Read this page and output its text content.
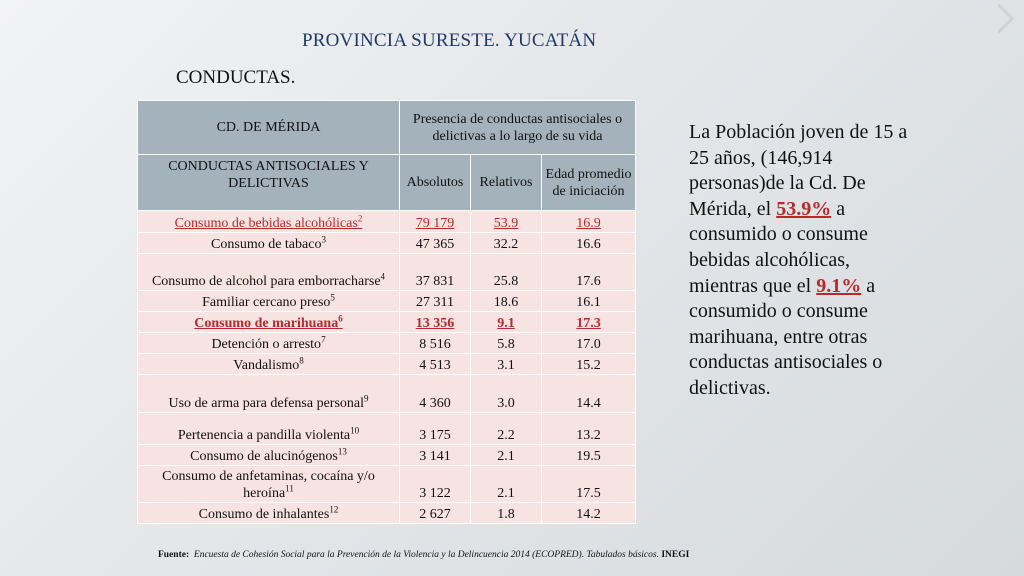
PROVINCIA SURESTE. YUCATÁN
CONDUCTAS.
CD. DE MÉRIDA	Presencia de conductas antisociales o delictivas a lo largo de su vida		
CONDUCTAS ANTISOCIALES Y DELICTIVAS	Absolutos	Relativos	Edad promedio de iniciación
Consumo de bebidas alcohólicas$^2$	79 179	53.9	16.9
Consumo de tabaco$^3$	47 365	32.2	16.6
Consumo de alcohol para emborracharse$^4$	37 831	25.8	17.6
Familiar cercano preso$^5$	27 311	18.6	16.1
Consumo de marihuana$^6$	13 356	9.1	17.3
Detención o arresto$^7$	8 516	5.8	17.0
Vandalismo$^8$	4 513	3.1	15.2
Uso de arma para defensa personal$^9$	4 360	3.0	14.4
Pertenencia a pandilla violenta$^{10}$	3 175	2.2	13.2
Consumo de alucinógenos$^{13}$	3 141	2.1	19.5
Consumo de anfetaminas, cocaína y/o heroína$^{11}$	3 122	2.1	17.5
Consumo de inhalantes$^{12}$	2 627	1.8	14.2

La Población joven de 15 a 25 años, (146,914 personas)de la Cd. De Mérida, el 53.9% a consumido o consume bebidas alcohólicas, mientras que el 9.1% a consumido o consume marihuana, entre otras conductas antisociales o delictivas.

Fuente: Encuesta de Cohesión Social para la Prevención de la Violencia y la Delincuencia 2014 (ECOPRED). Tabulados básicos. INEGI
